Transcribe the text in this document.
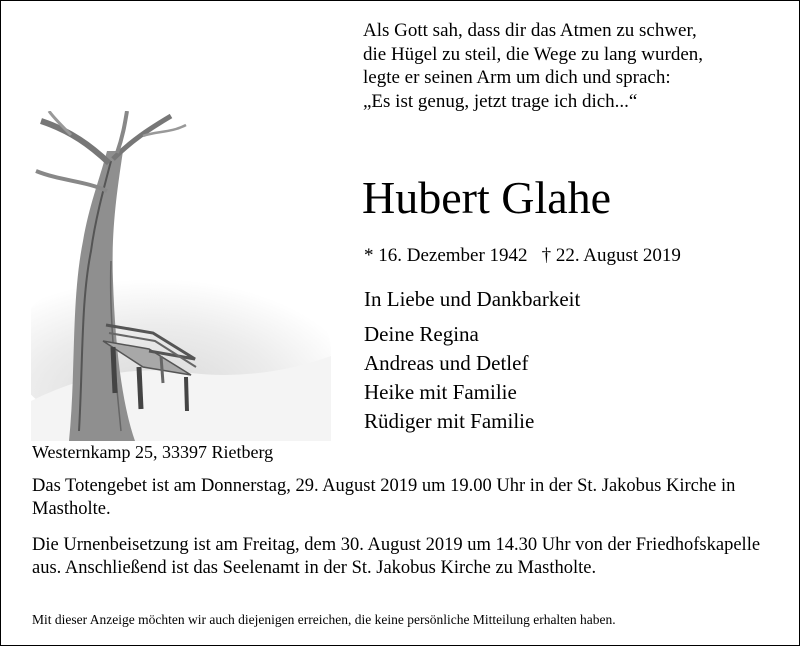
Als Gott sah, dass dir das Atmen zu schwer,
die Hügel zu steil, die Wege zu lang wurden,
legte er seinen Arm um dich und sprach:
„Es ist genug, jetzt trage ich dich...“
Hubert Glahe
* 16. Dezember 1942 † 22. August 2019
In Liebe und Dankbarkeit
Deine Regina
Andreas und Detlef
Heike mit Familie
Rüdiger mit Familie
Westernkamp 25, 33397 Rietberg
Das Totengebet ist am Donnerstag, 29. August 2019 um 19.00 Uhr in der St. Jakobus Kirche in Mastholte.
Die Urnenbeisetzung ist am Freitag, dem 30. August 2019 um 14.30 Uhr von der Friedhofskapelle aus. Anschließend ist das Seelenamt in der St. Jakobus Kirche zu Mastholte.
Mit dieser Anzeige möchten wir auch diejenigen erreichen, die keine persönliche Mitteilung erhalten haben.
